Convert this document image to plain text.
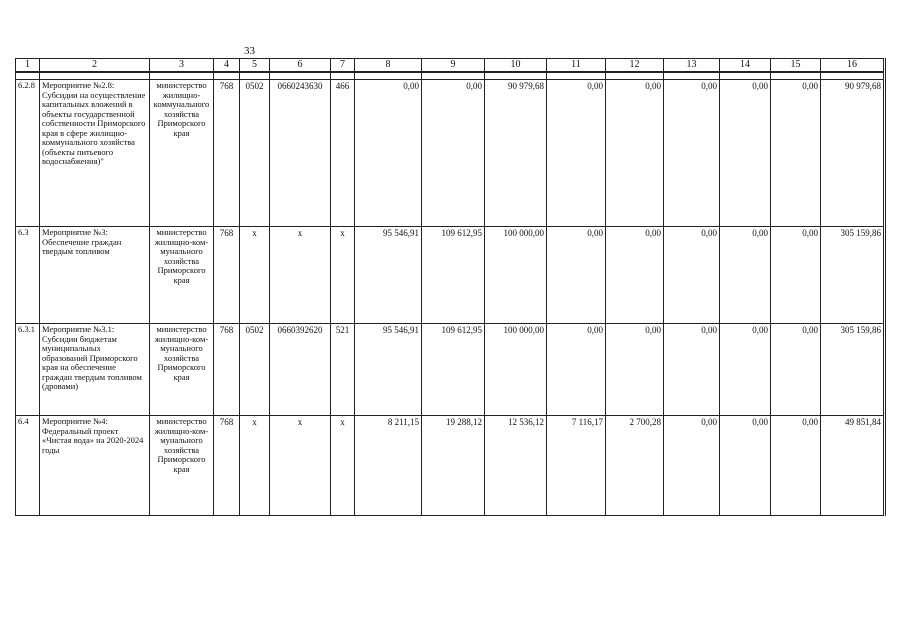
33
1	2	3	4	5	6	7	8	9	10	11	12	13	14	15	16

6.2.8	Мероприятие №2.8: Субсидии на осуществление капитальных вложений в объекты государственной собственности Приморского края в сфере жилищно-коммунального хозяйства (объекты питьевого водоснабжения)"	министерство жилищно-коммунального хозяйства Приморского края	768	0502	0660243630	466	0,00	0,00	90 979,68	0,00	0,00	0,00	0,00	0,00	90 979,68
6.3	Мероприятие №3: Обеспечение граждан твердым топливом	министерство жилищно-ком-мунального хозяйства Приморского края	768	x	x	x	95 546,91	109 612,95	100 000,00	0,00	0,00	0,00	0,00	0,00	305 159,86
6.3.1	Мероприятие №3.1: Субсидии бюджетам муниципальных образований Приморского края на обеспечение граждан твердым топливом (дровами)	министерство жилищно-ком-мунального хозяйства Приморского края	768	0502	0660392620	521	95 546,91	109 612,95	100 000,00	0,00	0,00	0,00	0,00	0,00	305 159,86
6.4	Мероприятие №4: Федеральный проект «Чистая вода» на 2020-2024 годы	министерство жилищно-ком-мунального хозяйства Приморского края	768	x	x	x	8 211,15	19 288,12	12 536,12	7 116,17	2 700,28	0,00	0,00	0,00	49 851,84
